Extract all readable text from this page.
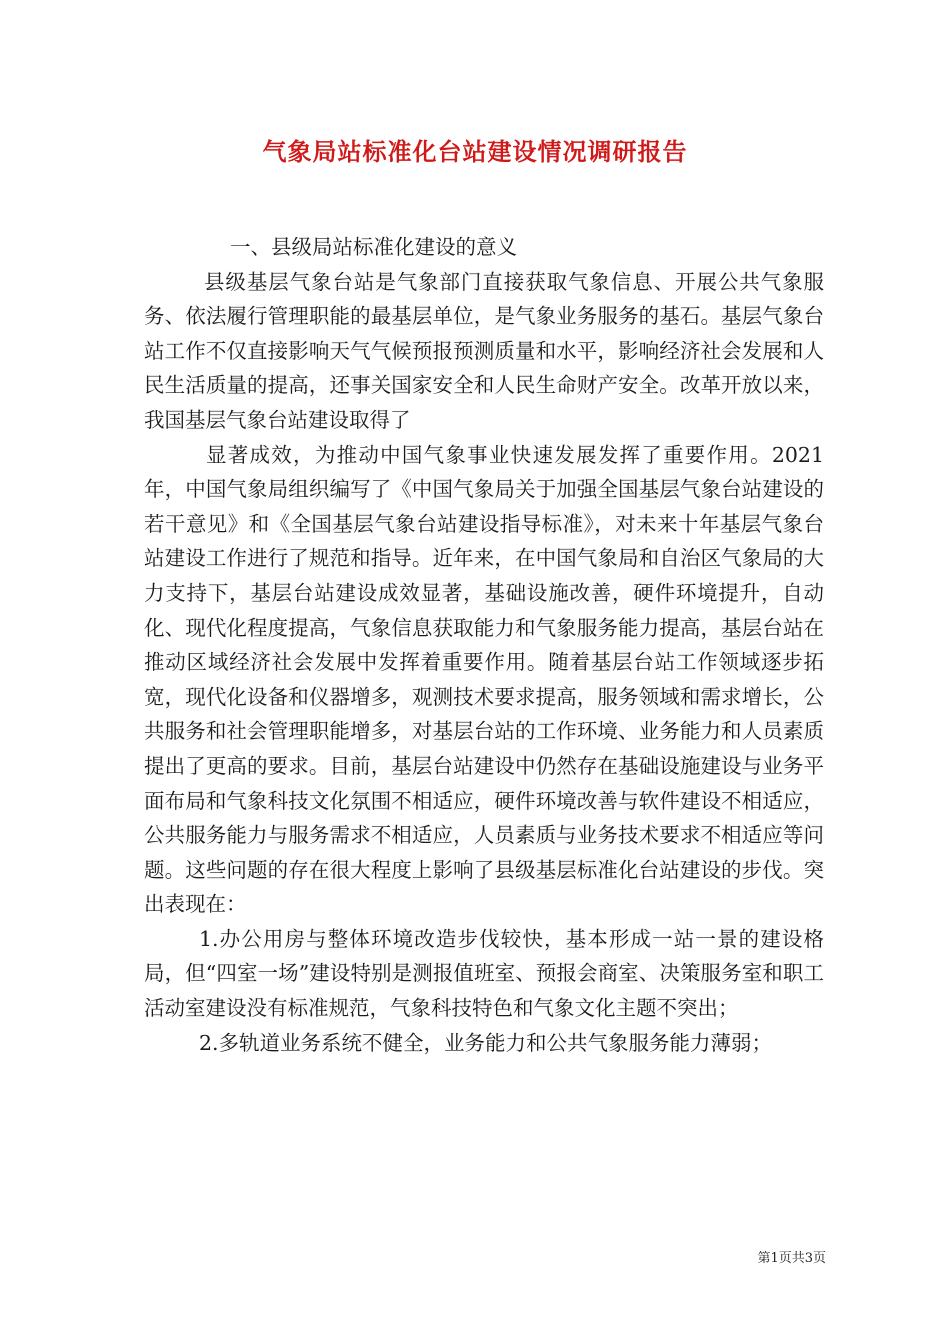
气象局站标准化台站建设情况调研报告

一、县级局站标准化建设的意义

县级基层气象台站是气象部门直接获取气象信息、开展公共气象服务、依法履行管理职能的最基层单位，是气象业务服务的基石。基层气象台站工作不仅直接影响天气气候预报预测质量和水平，影响经济社会发展和人民生活质量的提高，还事关国家安全和人民生命财产安全。改革开放以来，我国基层气象台站建设取得了

显著成效，为推动中国气象事业快速发展发挥了重要作用。2021年，中国气象局组织编写了《中国气象局关于加强全国基层气象台站建设的若干意见》和《全国基层气象台站建设指导标准》，对未来十年基层气象台站建设工作进行了规范和指导。近年来，在中国气象局和自治区气象局的大力支持下，基层台站建设成效显著，基础设施改善，硬件环境提升，自动化、现代化程度提高，气象信息获取能力和气象服务能力提高，基层台站在推动区域经济社会发展中发挥着重要作用。随着基层台站工作领域逐步拓宽，现代化设备和仪器增多，观测技术要求提高，服务领域和需求增长，公共服务和社会管理职能增多，对基层台站的工作环境、业务能力和人员素质提出了更高的要求。目前，基层台站建设中仍然存在基础设施建设与业务平面布局和气象科技文化氛围不相适应，硬件环境改善与软件建设不相适应，公共服务能力与服务需求不相适应，人员素质与业务技术要求不相适应等问题。这些问题的存在很大程度上影响了县级基层标准化台站建设的步伐。突出表现在：

1.办公用房与整体环境改造步伐较快，基本形成一站一景的建设格局，但“四室一场”建设特别是测报值班室、预报会商室、决策服务室和职工活动室建设没有标准规范，气象科技特色和气象文化主题不突出；

2.多轨道业务系统不健全，业务能力和公共气象服务能力薄弱；

第1页共3页
